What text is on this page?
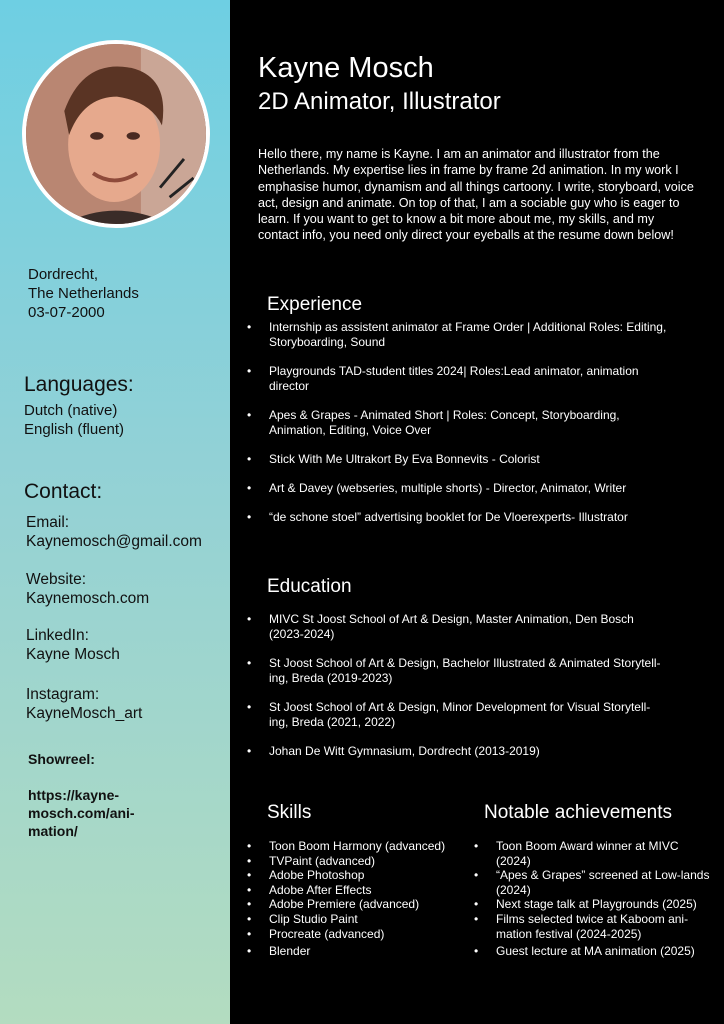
Dordrecht,
The Netherlands
03-07-2000
Languages:
Dutch (native)
English (fluent)
Contact:
Email:
Kaynemosch@gmail.com
Website:
Kaynemosch.com
LinkedIn:
Kayne Mosch
Instagram:
KayneMosch_art
Showreel:
https://kayne-
mosch.com/ani-
mation/
Kayne Mosch
2D Animator, Illustrator
Hello there, my name is Kayne. I am an animator and illustrator from the Netherlands. My expertise lies in frame by frame 2d animation. In my work I emphasise humor, dynamism and all things cartoony. I write, storyboard, voice act, design and animate. On top of that, I am a sociable guy who is eager to learn. If you want to get to know a bit more about me, my skills, and my contact info, you need only direct your eyeballs at the resume down below!
Experience
• Internship as assistent animator at Frame Order | Additional Roles: Editing, Storyboarding, Sound
• Playgrounds TAD-student titles 2024| Roles:Lead animator, animation director
• Apes & Grapes - Animated Short | Roles: Concept, Storyboarding, Animation, Editing, Voice Over
• Stick With Me Ultrakort By Eva Bonnevits - Colorist
• Art & Davey (webseries, multiple shorts) - Director, Animator, Writer
• “de schone stoel” advertising booklet for De Vloerexperts- Illustrator
Education
• MIVC St Joost School of Art & Design, Master Animation, Den Bosch (2023-2024)
• St Joost School of Art & Design, Bachelor Illustrated & Animated Storytell-ing, Breda (2019-2023)
• St Joost School of Art & Design, Minor Development for Visual Storytell-ing, Breda (2021, 2022)
• Johan De Witt Gymnasium, Dordrecht (2013-2019)
Skills
• Toon Boom Harmony (advanced)
• TVPaint (advanced)
• Adobe Photoshop
• Adobe After Effects
• Adobe Premiere (advanced)
• Clip Studio Paint
• Procreate (advanced)
• Blender
Notable achievements
• Toon Boom Award winner at MIVC (2024)
• “Apes & Grapes” screened at Low-lands (2024)
• Next stage talk at Playgrounds (2025)
• Films selected twice at Kaboom ani-mation festival (2024-2025)
• Guest lecture at MA animation (2025)
